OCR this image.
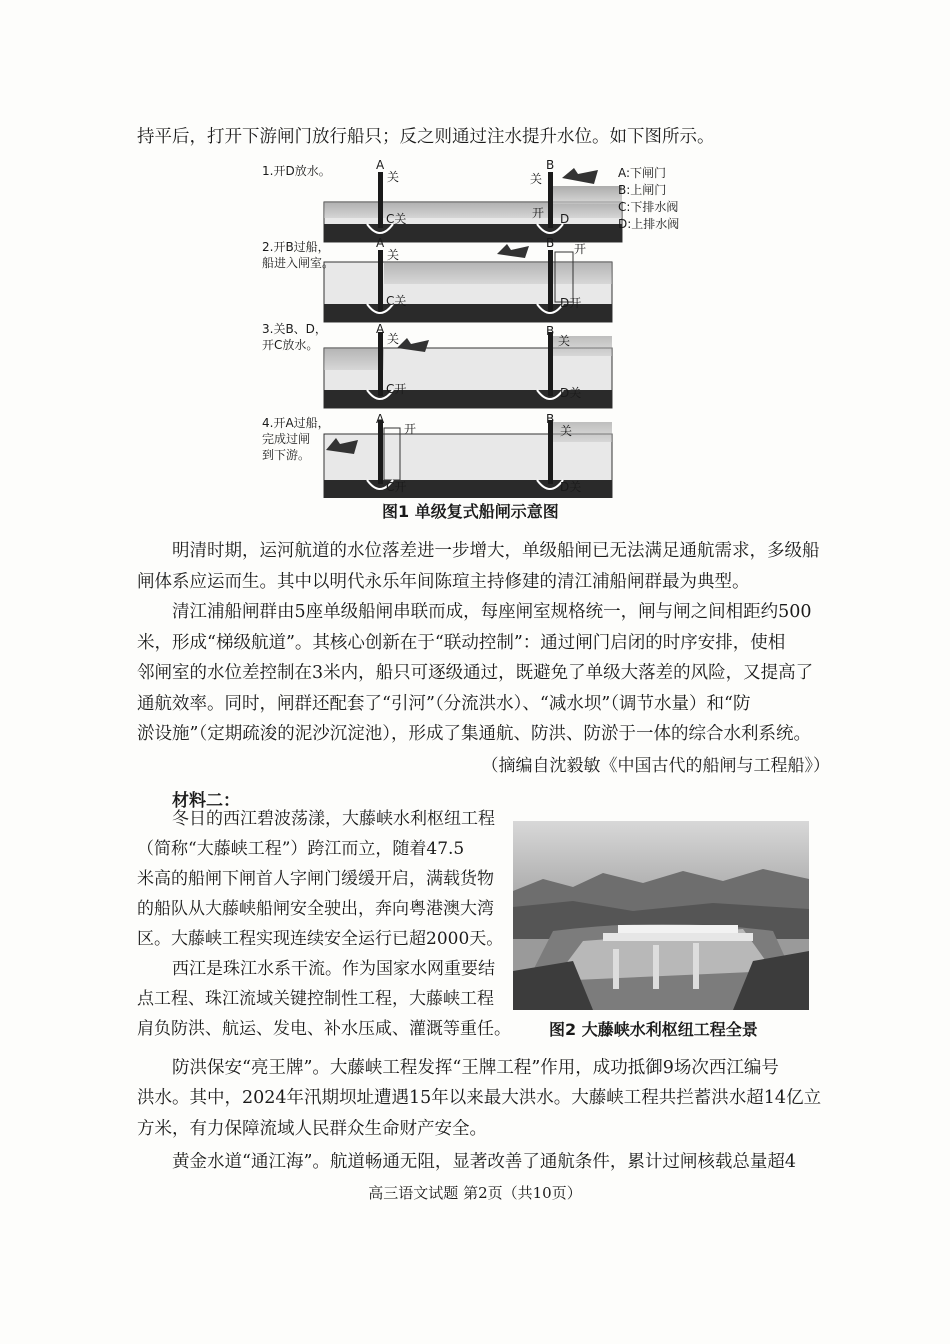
持平后，打开下游闸门放行船只；反之则通过注水提升水位。如下图所示。
A:下闸门
B:上闸门
C:下排水阀
D:上排水阀
1.开D放水。	A
关
B
关
C关	开 D
2.开B过船，
船进入闸室。
A
关
B 开
C关	D开
3.关B、D，
开C放水。
A
关
B
关
C开	D关
4.开A过船，
完成过闸
到下游。
A
开
B
关
C开	D关
图1 单级复式船闸示意图
明清时期，运河航道的水位落差进一步增大，单级船闸已无法满足通航需求，多级船
闸体系应运而生。其中以明代永乐年间陈瑄主持修建的清江浦船闸群最为典型。
清江浦船闸群由5座单级船闸串联而成，每座闸室规格统一，闸与闸之间相距约500
米，形成“梯级航道”。其核心创新在于“联动控制”：通过闸门启闭的时序安排，使相
邻闸室的水位差控制在3米内，船只可逐级通过，既避免了单级大落差的风险，又提高了
通航效率。同时，闸群还配套了“引河”（分流洪水）、“减水坝”（调节水量）和“防
淤设施”（定期疏浚的泥沙沉淀池），形成了集通航、防洪、防淤于一体的综合水利系统。
（摘编自沈毅敏《中国古代的船闸与工程船》）
材料二：
冬日的西江碧波荡漾，大藤峡水利枢纽工程
（简称“大藤峡工程”）跨江而立，随着47.5
米高的船闸下闸首人字闸门缓缓开启，满载货物
的船队从大藤峡船闸安全驶出，奔向粤港澳大湾
区。大藤峡工程实现连续安全运行已超2000天。
西江是珠江水系干流。作为国家水网重要结
点工程、珠江流域关键控制性工程，大藤峡工程
肩负防洪、航运、发电、补水压咸、灌溉等重任。 图2 大藤峡水利枢纽工程全景
防洪保安“亮王牌”。大藤峡工程发挥“王牌工程”作用，成功抵御9场次西江编号
洪水。其中，2024年汛期坝址遭遇15年以来最大洪水。大藤峡工程共拦蓄洪水超14亿立
方米，有力保障流域人民群众生命财产安全。
黄金水道“通江海”。航道畅通无阻，显著改善了通航条件，累计过闸核载总量超4
高三语文试题 第2页（共10页）
